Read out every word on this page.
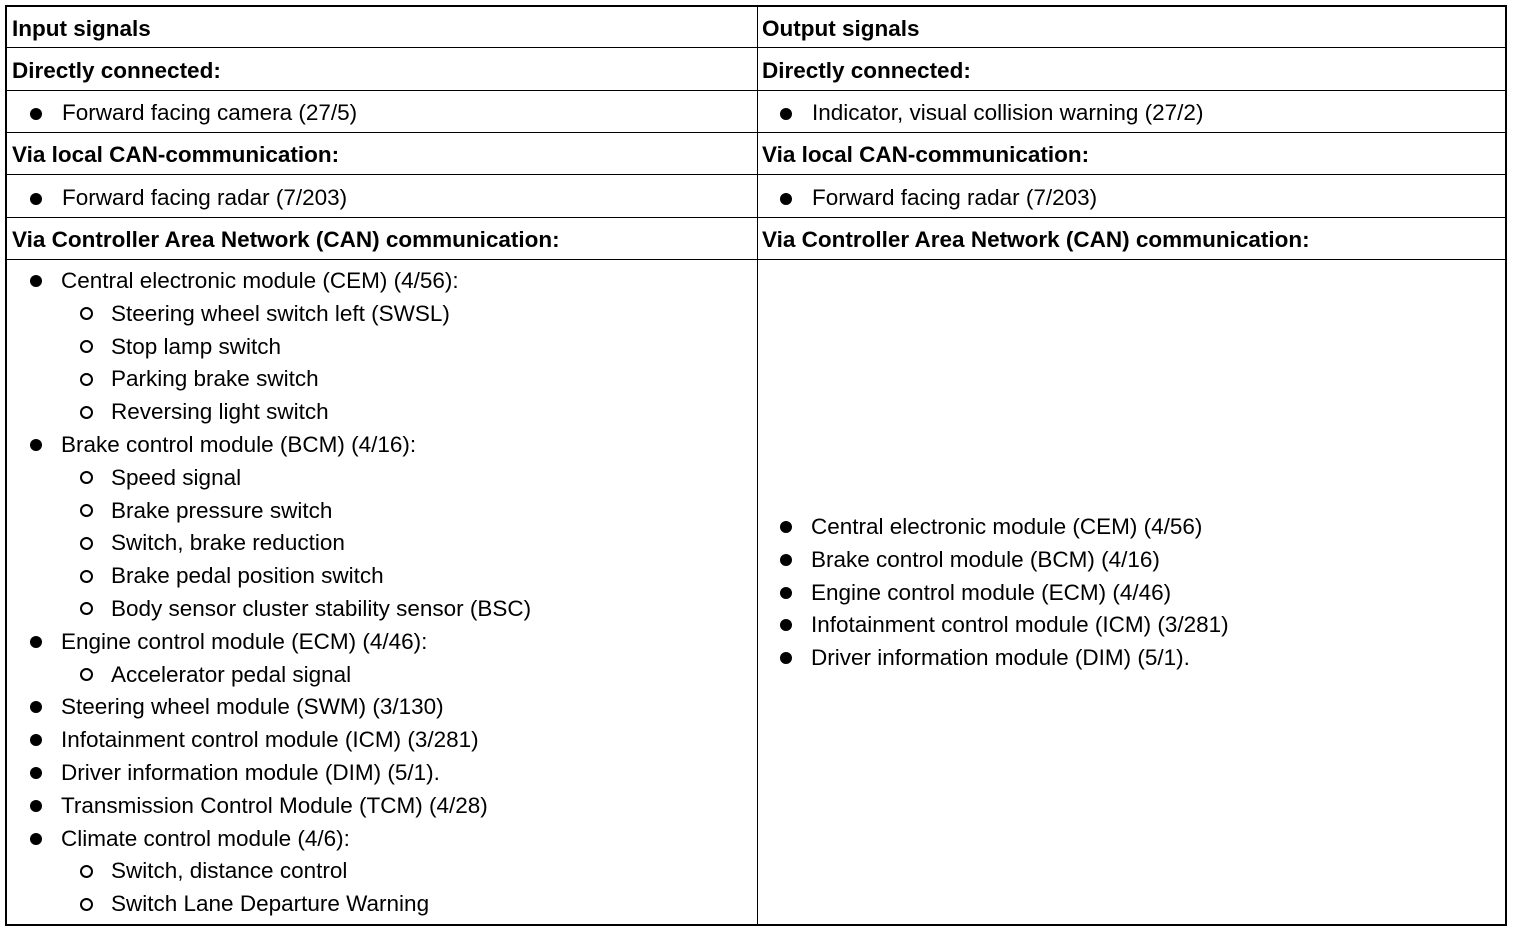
Input signals
Directly connected:
Forward facing camera (27/5)
Via local CAN-communication:
Forward facing radar (7/203)
Via Controller Area Network (CAN) communication:
Central electronic module (CEM) (4/56):
Steering wheel switch left (SWSL)
Stop lamp switch
Parking brake switch
Reversing light switch
Brake control module (BCM) (4/16):
Speed signal
Brake pressure switch
Switch, brake reduction
Brake pedal position switch
Body sensor cluster stability sensor (BSC)
Engine control module (ECM) (4/46):
Accelerator pedal signal
Steering wheel module (SWM) (3/130)
Infotainment control module (ICM) (3/281)
Driver information module (DIM) (5/1).
Transmission Control Module (TCM) (4/28)
Climate control module (4/6):
Switch, distance control
Switch Lane Departure Warning
Output signals
Directly connected:
Indicator, visual collision warning (27/2)
Via local CAN-communication:
Forward facing radar (7/203)
Via Controller Area Network (CAN) communication:
Central electronic module (CEM) (4/56)
Brake control module (BCM) (4/16)
Engine control module (ECM) (4/46)
Infotainment control module (ICM) (3/281)
Driver information module (DIM) (5/1).
